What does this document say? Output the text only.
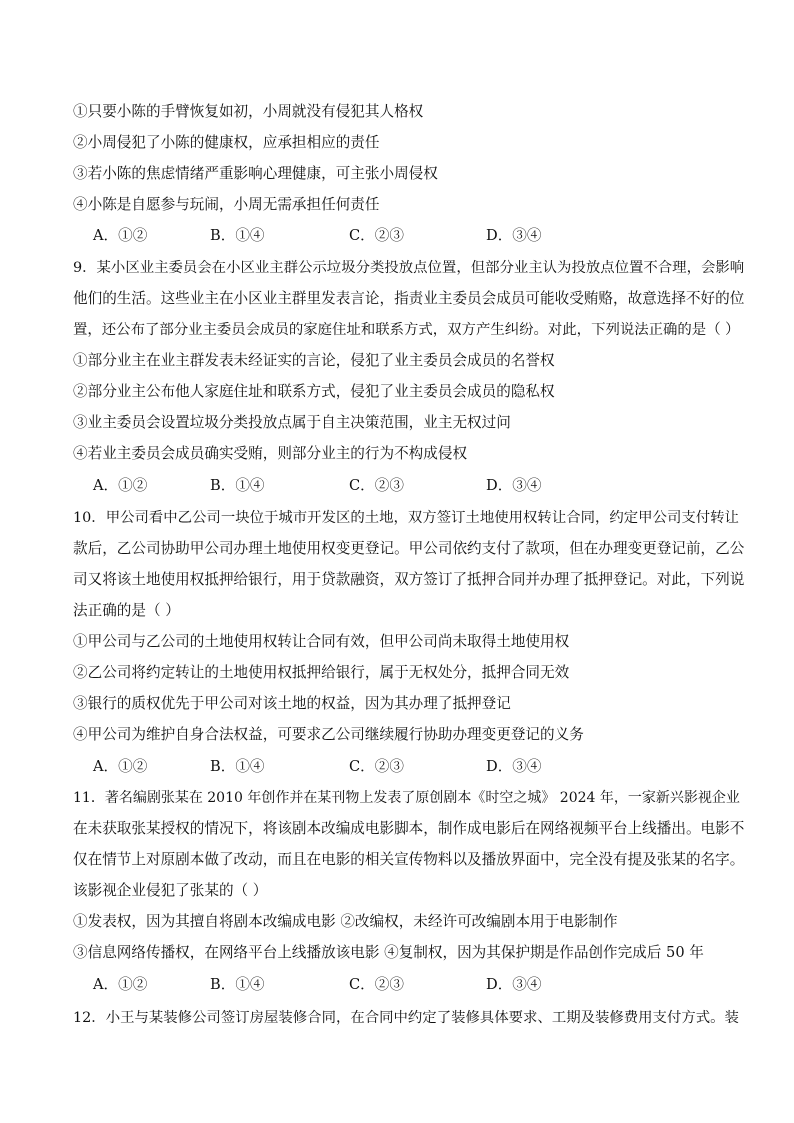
①只要小陈的手臂恢复如初，小周就没有侵犯其人格权
②小周侵犯了小陈的健康权，应承担相应的责任
③若小陈的焦虑情绪严重影响心理健康，可主张小周侵权
④小陈是自愿参与玩闹，小周无需承担任何责任
A．①②	B．①④	C．②③	D．③④
9．某小区业主委员会在小区业主群公示垃圾分类投放点位置，但部分业主认为投放点位置不合理，会影响
他们的生活。这些业主在小区业主群里发表言论，指责业主委员会成员可能收受贿赂，故意选择不好的位
置，还公布了部分业主委员会成员的家庭住址和联系方式，双方产生纠纷。对此，下列说法正确的是（ ）
①部分业主在业主群发表未经证实的言论，侵犯了业主委员会成员的名誉权
②部分业主公布他人家庭住址和联系方式，侵犯了业主委员会成员的隐私权
③业主委员会设置垃圾分类投放点属于自主决策范围，业主无权过问
④若业主委员会成员确实受贿，则部分业主的行为不构成侵权
A．①②	B．①④	C．②③	D．③④
10．甲公司看中乙公司一块位于城市开发区的土地，双方签订土地使用权转让合同，约定甲公司支付转让
款后，乙公司协助甲公司办理土地使用权变更登记。甲公司依约支付了款项，但在办理变更登记前，乙公
司又将该土地使用权抵押给银行，用于贷款融资，双方签订了抵押合同并办理了抵押登记。对此，下列说
法正确的是（ ）
①甲公司与乙公司的土地使用权转让合同有效，但甲公司尚未取得土地使用权
②乙公司将约定转让的土地使用权抵押给银行，属于无权处分，抵押合同无效
③银行的质权优先于甲公司对该土地的权益，因为其办理了抵押登记
④甲公司为维护自身合法权益，可要求乙公司继续履行协助办理变更登记的义务
A．①②	B．①④	C．②③	D．③④
11．著名编剧张某在 2010 年创作并在某刊物上发表了原创剧本《时空之城》 2024 年，一家新兴影视企业
在未获取张某授权的情况下，将该剧本改编成电影脚本，制作成电影后在网络视频平台上线播出。电影不
仅在情节上对原剧本做了改动，而且在电影的相关宣传物料以及播放界面中，完全没有提及张某的名字。
该影视企业侵犯了张某的（ ）
①发表权，因为其擅自将剧本改编成电影 ②改编权，未经许可改编剧本用于电影制作
③信息网络传播权，在网络平台上线播放该电影 ④复制权，因为其保护期是作品创作完成后 50 年
A．①②	B．①④	C．②③	D．③④
12．小王与某装修公司签订房屋装修合同，在合同中约定了装修具体要求、工期及装修费用支付方式。装
